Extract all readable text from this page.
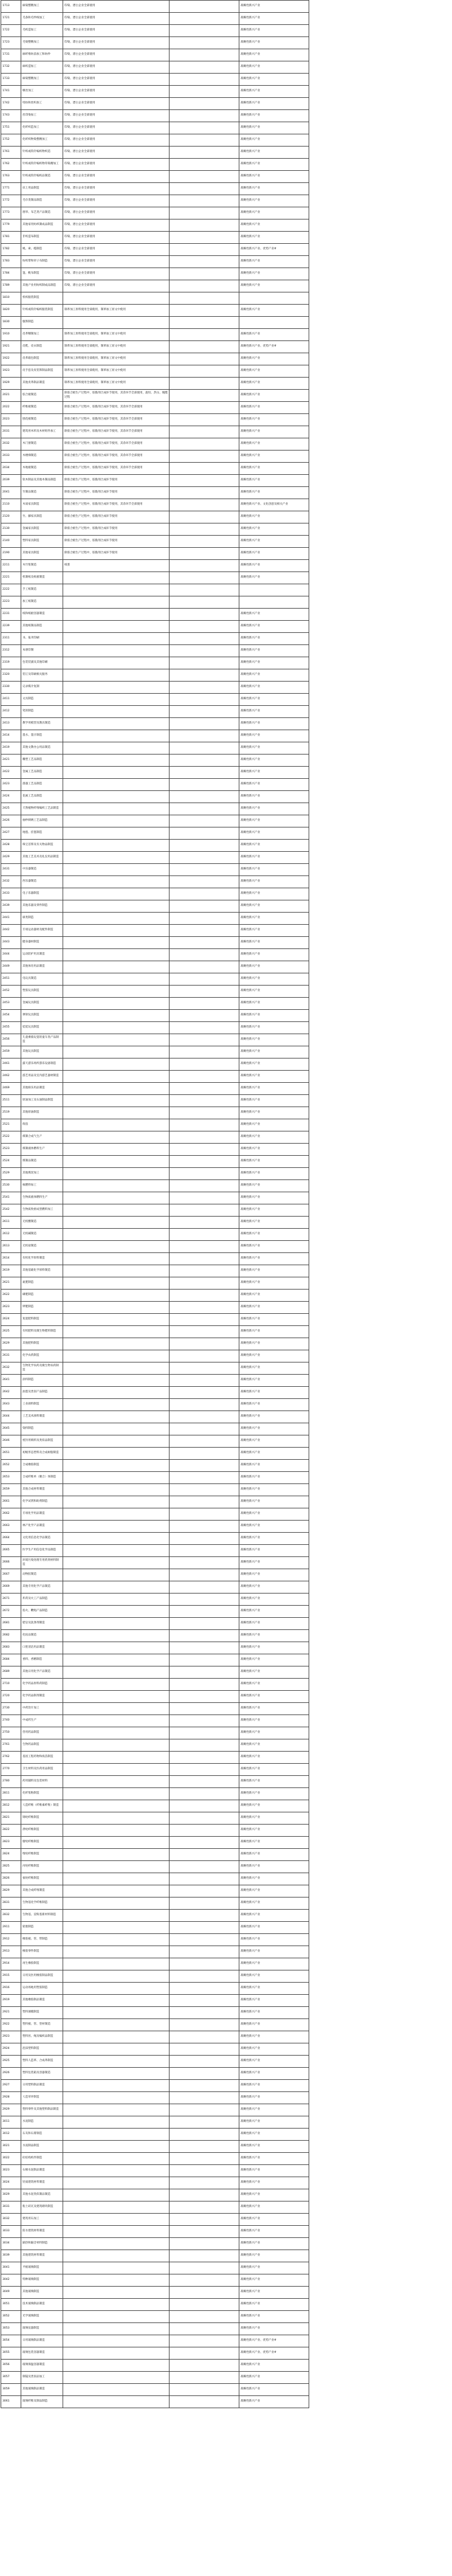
1713	麻染整精加工	印染、漂白企业全部使用		战略性新兴产业	
1721	毛条和毛纱线加工	印染、漂白企业全部使用		战略性新兴产业	
1722	毛织造加工	印染、漂白企业全部使用		战略性新兴产业	
1723	毛染整精加工	印染、漂白企业全部使用		战略性新兴产业	
1731	麻纤维纺前加工和纺纱	印染、漂白企业全部使用		战略性新兴产业	
1732	麻织造加工	印染、漂白企业全部使用		战略性新兴产业	
1733	麻染整精加工	印染、漂白企业全部使用		战略性新兴产业	
1741	缫丝加工	印染、漂白企业全部使用		战略性新兴产业	
1742	绢纺和丝织加工	印染、漂白企业全部使用		战略性新兴产业	
1743	丝印染加工	印染、漂白企业全部使用		战略性新兴产业	
1751	化纤织造加工	印染、漂白企业全部使用		战略性新兴产业	
1752	化纤织物染整精加工	印染、漂白企业全部使用		战略性新兴产业	
1761	针织或钩针编织物织造	印染、漂白企业全部使用		战略性新兴产业	
1762	针织或钩针编织物印染精加工	印染、漂白企业全部使用		战略性新兴产业	
1763	针织或钩针编织品制造	印染、漂白企业全部使用		战略性新兴产业	
1771	床上用品制造	印染、漂白企业全部使用		战略性新兴产业	
1772	毛巾类制品制造	印染、漂白企业全部使用		战略性新兴产业	
1773	窗帘、布艺类产品制造	印染、漂白企业全部使用		战略性新兴产业	
1779	其他家用纺织制成品制造	印染、漂白企业全部使用		战略性新兴产业	
1781	非织造布制造	印染、漂白企业全部使用		战略性新兴产业	
1782	绳、索、缆制造	印染、漂白企业全部使用		战略性新兴产业、优势产业#	
1783	纺织带和帘子布制造	印染、漂白企业全部使用		战略性新兴产业	
1784	篷、帆布制造	印染、漂白企业全部使用		战略性新兴产业	
1789	其他产业用纺织制成品制造	印染、漂白企业全部使用		战略性新兴产业	
1810	机织服装制造				
1820	针织或钩针编织服装制造	制革加工原料使用全部使用，制革加工原文中使用		战略性新兴产业	
1830	服饰制造				
1910	皮革鞣制加工	制革加工原料使用全部使用，制革加工原文中使用		战略性新兴产业	
1921	皮鞋、皮衣制造	制革加工原料使用全部使用，制革加工原文中使用		战略性新兴产业、优势产业#	
1922	皮革箱包制造	制革加工原料使用全部使用，制革加工原文中使用		战略性新兴产业	
1923	皮手套及皮装饰制品制造	制革加工原料使用全部使用，制革加工原文中使用		战略性新兴产业	
1929	其他皮革制品制造	制革加工原料使用全部使用，制革加工原文中使用		战略性新兴产业	
2021	胶合板制造	除胶合板生产过程中，胶黏剂合成环节使用，其余环节全部使用，旋切、热压、脱醛过程		战略性新兴产业	
2022	纤维板制造	除胶合板生产过程中，胶黏剂合成环节使用，其余环节全部使用		战略性新兴产业	
2023	刨花板制造	除胶合板生产过程中，胶黏剂合成环节使用，其余环节全部使用		战略性新兴产业	
2031	建筑用木料及木材组件加工	除胶合板生产过程中，胶黏剂合成环节使用，其余环节全部使用		战略性新兴产业	
2032	木门窗制造	除胶合板生产过程中，胶黏剂合成环节使用，其余环节全部使用		战略性新兴产业	
2033	木楼梯制造	除胶合板生产过程中，胶黏剂合成环节使用，其余环节全部使用		战略性新兴产业	
2034	木地板制造	除胶合板生产过程中，胶黏剂合成环节使用，其余环节全部使用		战略性新兴产业	
2039	软木制品及其他木制品制造	除胶合板生产过程中，胶黏剂合成环节使用		战略性新兴产业	
2041	竹制品制造	除胶合板生产过程中，胶黏剂合成环节使用		战略性新兴产业	
2110	木质家具制造	除胶合板生产过程中，胶黏剂合成环节使用，其余环节全部使用		战略性新兴产业、文化创意及相关产业	
2120	竹、藤家具制造	除胶合板生产过程中，胶黏剂合成环节使用		战略性新兴产业	
2130	金属家具制造	除胶合板生产过程中，胶黏剂合成环节使用		战略性新兴产业	
2140	塑料家具制造	除胶合板生产过程中，胶黏剂合成环节使用		战略性新兴产业	
2190	其他家具制造	除胶合板生产过程中，胶黏剂合成环节使用		战略性新兴产业	
2211	木竹浆制造	纸浆		战略性新兴产业	
2221	机制纸及纸板制造			战略性新兴产业	
2222	手工纸制造				
2223	加工纸制造				
2231	纸和纸板容器制造			战略性新兴产业	
2239	其他纸制品制造			战略性新兴产业	
2311	书、报刊印刷			战略性新兴产业	
2312	本册印制			战略性新兴产业	
2319	包装装潢及其他印刷			战略性新兴产业	
2320	装订及印刷相关服务			战略性新兴产业	
2330	记录媒介复制			战略性新兴产业	
2411	文具制造			战略性新兴产业	
2412	笔的制造			战略性新兴产业	
2413	教学用模型及教具制造			战略性新兴产业	
2414	墨水、墨汁制造			战略性新兴产业	
2419	其他文教办公用品制造			战略性新兴产业	
2421	雕塑工艺品制造			战略性新兴产业	
2422	金属工艺品制造			战略性新兴产业	
2423	漆器工艺品制造			战略性新兴产业	
2424	花画工艺品制造			战略性新兴产业	
2425	天然植物纤维编织工艺品制造			战略性新兴产业	
2426	抽纱刺绣工艺品制造			战略性新兴产业	
2427	地毯、挂毯制造			战略性新兴产业	
2428	珠宝首饰及有关物品制造			战略性新兴产业	
2429	其他工艺美术及礼仪用品制造			战略性新兴产业	
2431	中乐器制造			战略性新兴产业	
2432	西乐器制造			战略性新兴产业	
2433	电子乐器制造			战略性新兴产业	
2439	其他乐器及零件制造			战略性新兴产业	
2441	球类制造			战略性新兴产业	
2442	专项运动器材及配件制造			战略性新兴产业	
2443	健身器材制造			战略性新兴产业	
2444	运动防护用具制造			战略性新兴产业	
2449	其他体育用品制造			战略性新兴产业	
2451	电玩具制造			战略性新兴产业	
2452	塑胶玩具制造			战略性新兴产业	
2453	金属玩具制造			战略性新兴产业	
2454	弹射玩具制造			战略性新兴产业	
2455	娃娃玩具制造			战略性新兴产业	
2456	儿童乘骑玩耍的童车类产品制造			战略性新兴产业	
2459	其他玩具制造			战略性新兴产业	
2461	露天游乐场所游乐设备制造			战略性新兴产业	
2462	游艺用品及室内游艺器材制造			战略性新兴产业	
2469	其他娱乐用品制造			战略性新兴产业	
2511	原油加工及石油制品制造			战略性新兴产业	
2519	其他原油制造			战略性新兴产业	
2521	炼焦			战略性新兴产业	
2522	煤制合成气生产			战略性新兴产业	
2523	煤制液体燃料生产			战略性新兴产业	
2524	煤制品制造			战略性新兴产业	
2529	其他煤炭加工			战略性新兴产业	
2530	核燃料加工			战略性新兴产业	
2541	生物质液体燃料生产			战略性新兴产业	
2542	生物质致密成型燃料加工			战略性新兴产业	
2611	无机酸制造			战略性新兴产业	
2612	无机碱制造			战略性新兴产业	
2613	无机盐制造			战略性新兴产业	
2614	有机化学原料制造			战略性新兴产业	
2619	其他基础化学原料制造			战略性新兴产业	
2621	氮肥制造			战略性新兴产业	
2622	磷肥制造			战略性新兴产业	
2623	钾肥制造			战略性新兴产业	
2624	复混肥料制造			战略性新兴产业	
2625	有机肥料及微生物肥料制造			战略性新兴产业	
2629	其他肥料制造			战略性新兴产业	
2631	化学农药制造			战略性新兴产业	
2632	生物化学农药及微生物农药制造			战略性新兴产业	
2641	涂料制造			战略性新兴产业	
2642	油墨及类似产品制造			战略性新兴产业	
2643	工业颜料制造			战略性新兴产业	
2644	工艺美术颜料制造			战略性新兴产业	
2645	染料制造			战略性新兴产业	
2646	密封用填料及类似品制造			战略性新兴产业	
2651	初级形态塑料及合成树脂制造			战略性新兴产业	
2652	合成橡胶制造			战略性新兴产业	
2653	合成纤维单（聚合）体制造			战略性新兴产业	
2659	其他合成材料制造			战略性新兴产业	
2661	化学试剂和助剂制造			战略性新兴产业	
2662	专项化学用品制造			战略性新兴产业	
2663	林产化学产品制造			战略性新兴产业	
2664	文化用信息化学品制造			战略性新兴产业	
2665	医学生产用信息化学品制造			战略性新兴产业	
2666	环境污染处理专用药剂材料制造			战略性新兴产业	
2667	动物胶制造			战略性新兴产业	
2669	其他专用化学产品制造			战略性新兴产业	
2671	炸药及火工产品制造			战略性新兴产业	
2672	焰火、鞭炮产品制造			战略性新兴产业	
2681	肥皂及洗涤剂制造			战略性新兴产业	
2682	化妆品制造			战略性新兴产业	
2683	口腔清洁用品制造			战略性新兴产业	
2684	香料、香精制造			战略性新兴产业	
2689	其他日用化学产品制造			战略性新兴产业	
2710	化学药品原料药制造			战略性新兴产业	
2720	化学药品制剂制造			战略性新兴产业	
2730	中药饮片加工			战略性新兴产业	
2740	中成药生产			战略性新兴产业	
2750	兽用药品制造			战略性新兴产业	
2761	生物药品制造			战略性新兴产业	
2762	基因工程药物和疫苗制造			战略性新兴产业	
2770	卫生材料及医药用品制造			战略性新兴产业	
2780	药用辅料及包装材料			战略性新兴产业	
2811	化纤浆粕制造			战略性新兴产业	
2812	人造纤维（纤维素纤维）制造			战略性新兴产业	
2821	锦纶纤维制造			战略性新兴产业	
2822	涤纶纤维制造			战略性新兴产业	
2823	腈纶纤维制造			战略性新兴产业	
2824	维纶纤维制造			战略性新兴产业	
2825	丙纶纤维制造			战略性新兴产业	
2826	氨纶纤维制造			战略性新兴产业	
2829	其他合成纤维制造			战略性新兴产业	
2831	生物基化学纤维制造			战略性新兴产业	
2832	生物基、淀粉基新材料制造			战略性新兴产业	
2911	轮胎制造			战略性新兴产业	
2912	橡胶板、管、带制造			战略性新兴产业	
2913	橡胶零件制造			战略性新兴产业	
2914	再生橡胶制造			战略性新兴产业	
2915	日用及医用橡胶制品制造			战略性新兴产业	
2916	运动场地用塑胶制造			战略性新兴产业	
2919	其他橡胶制品制造			战略性新兴产业	
2921	塑料薄膜制造			战略性新兴产业	
2922	塑料板、管、型材制造			战略性新兴产业	
2923	塑料丝、绳及编织品制造			战略性新兴产业	
2924	泡沫塑料制造			战略性新兴产业	
2925	塑料人造革、合成革制造			战略性新兴产业	
2926	塑料包装箱及容器制造			战略性新兴产业	
2927	日用塑料制品制造			战略性新兴产业	
2928	人造草坪制造			战略性新兴产业	
2929	塑料零件及其他塑料制品制造			战略性新兴产业	
3011	水泥制造			战略性新兴产业	
3012	石灰和石膏制造			战略性新兴产业	
3021	水泥制品制造			战略性新兴产业	
3022	砼结构构件制造			战略性新兴产业	
3023	石棉水泥制品制造			战略性新兴产业	
3024	轻质建筑材料制造			战略性新兴产业	
3029	其他水泥类似制品制造			战略性新兴产业	
3031	粘土砖瓦及建筑砌块制造			战略性新兴产业	
3032	建筑用石加工			战略性新兴产业	
3033	防水建筑材料制造			战略性新兴产业	
3034	隔热和隔音材料制造			战略性新兴产业	
3039	其他建筑材料制造			战略性新兴产业	
3041	平板玻璃制造			战略性新兴产业	
3042	特种玻璃制造			战略性新兴产业	
3049	其他玻璃制造			战略性新兴产业	
3051	技术玻璃制品制造			战略性新兴产业	
3052	光学玻璃制造			战略性新兴产业	
3053	玻璃仪器制造			战略性新兴产业	
3054	日用玻璃制品制造			战略性新兴产业、优势产业#	
3055	玻璃包装容器制造			战略性新兴产业、优势产业#	
3056	玻璃保温容器制造			战略性新兴产业	
3057	制镜及类似品加工			战略性新兴产业	
3059	其他玻璃制品制造			战略性新兴产业	
3061	玻璃纤维及制品制造			战略性新兴产业	
